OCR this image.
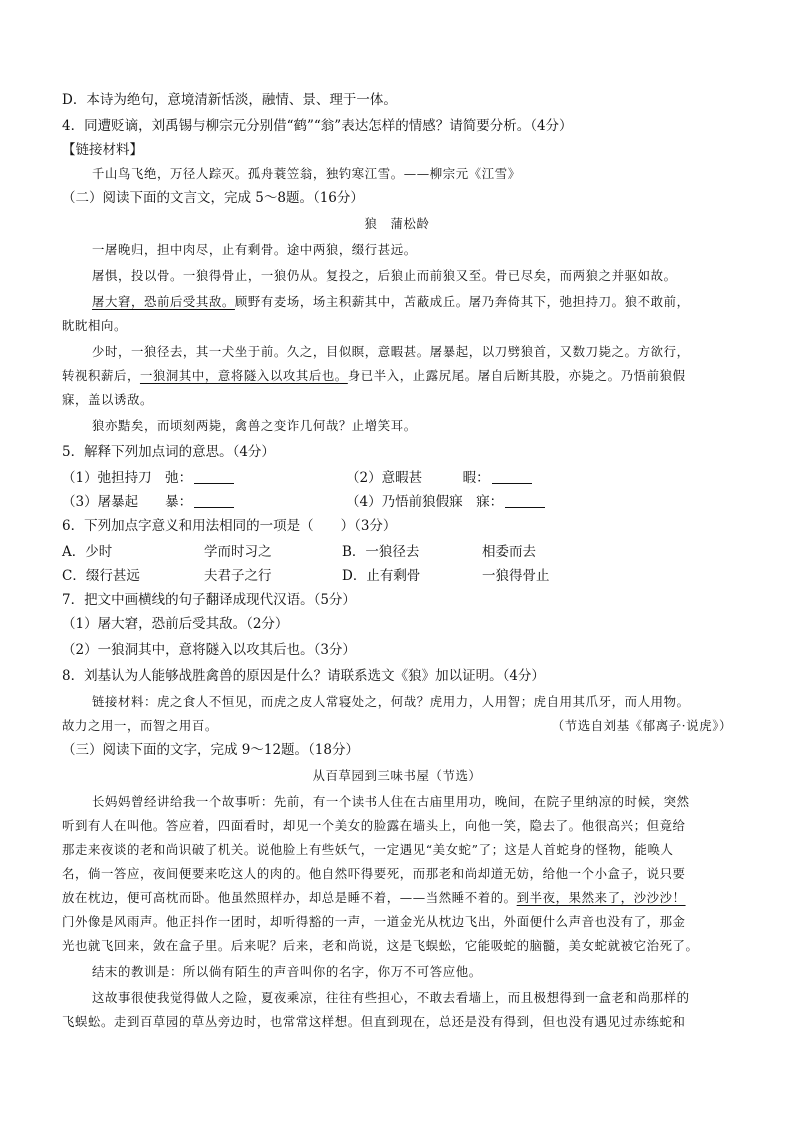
D．本诗为绝句，意境清新恬淡，融情、景、理于一体。
4．同遭贬谪，刘禹锡与柳宗元分别借“鹤”“翁”表达怎样的情感？请简要分析。（4分）
【链接材料】
千山鸟飞绝，万径人踪灭。孤舟蓑笠翁，独钓寒江雪。——柳宗元《江雪》
（二）阅读下面的文言文，完成 5～8题。（16分）
狼　蒲松龄
一屠晚归，担中肉尽，止有剩骨。途中两狼，缀行甚远。
屠惧，投以骨。一狼得骨止，一狼仍从。复投之，后狼止而前狼又至。骨已尽矣，而两狼之并驱如故。
屠大窘，恐前后受其敌。顾野有麦场，场主积薪其中，苫蔽成丘。屠乃奔倚其下，弛担持刀。狼不敢前，
眈眈相向。
少时，一狼径去，其一犬坐于前。久之，目似瞑，意暇甚。屠暴起，以刀劈狼首，又数刀毙之。方欲行，
转视积薪后，一狼洞其中，意将隧入以攻其后也。身已半入，止露尻尾。屠自后断其股，亦毙之。乃悟前狼假
寐，盖以诱敌。
狼亦黠矣，而顷刻两毙，禽兽之变诈几何哉？止增笑耳。
5．解释下列加点词的意思。（4分）
（1）弛担持刀　弛：	（2）意暇甚　　　暇：
（3）屠暴起　　暴：	（4）乃悟前狼假寐　寐：
6．下列加点字意义和用法相同的一项是（　　）（3分）
A．少时	学而时习之	B．一狼径去	相委而去
C．缀行甚远	夫君子之行	D．止有剩骨	一狼得骨止
7．把文中画横线的句子翻译成现代汉语。（5分）
（1）屠大窘，恐前后受其敌。（2分）
（2）一狼洞其中，意将隧入以攻其后也。（3分）
8．刘基认为人能够战胜禽兽的原因是什么？请联系选文《狼》加以证明。（4分）
链接材料：虎之食人不恒见，而虎之皮人常寝处之，何哉？虎用力，人用智；虎自用其爪牙，而人用物。
故力之用一，而智之用百。	（节选自刘基《郁离子·说虎》）
（三）阅读下面的文字，完成 9～12题。（18分）
从百草园到三味书屋（节选）
长妈妈曾经讲给我一个故事听：先前，有一个读书人住在古庙里用功，晚间，在院子里纳凉的时候，突然
听到有人在叫他。答应着，四面看时，却见一个美女的脸露在墙头上，向他一笑，隐去了。他很高兴；但竟给
那走来夜谈的老和尚识破了机关。说他脸上有些妖气，一定遇见“美女蛇”了；这是人首蛇身的怪物，能唤人
名，倘一答应，夜间便要来吃这人的肉的。他自然吓得要死，而那老和尚却道无妨，给他一个小盒子，说只要
放在枕边，便可高枕而卧。他虽然照样办，却总是睡不着，——当然睡不着的。到半夜，果然来了，沙沙沙！
门外像是风雨声。他正抖作一团时，却听得豁的一声，一道金光从枕边飞出，外面便什么声音也没有了，那金
光也就飞回来，敛在盒子里。后来呢？后来，老和尚说，这是飞蜈蚣，它能吸蛇的脑髓，美女蛇就被它治死了。
结末的教训是：所以倘有陌生的声音叫你的名字，你万不可答应他。
这故事很使我觉得做人之险，夏夜乘凉，往往有些担心，不敢去看墙上，而且极想得到一盒老和尚那样的
飞蜈蚣。走到百草园的草丛旁边时，也常常这样想。但直到现在，总还是没有得到，但也没有遇见过赤练蛇和
